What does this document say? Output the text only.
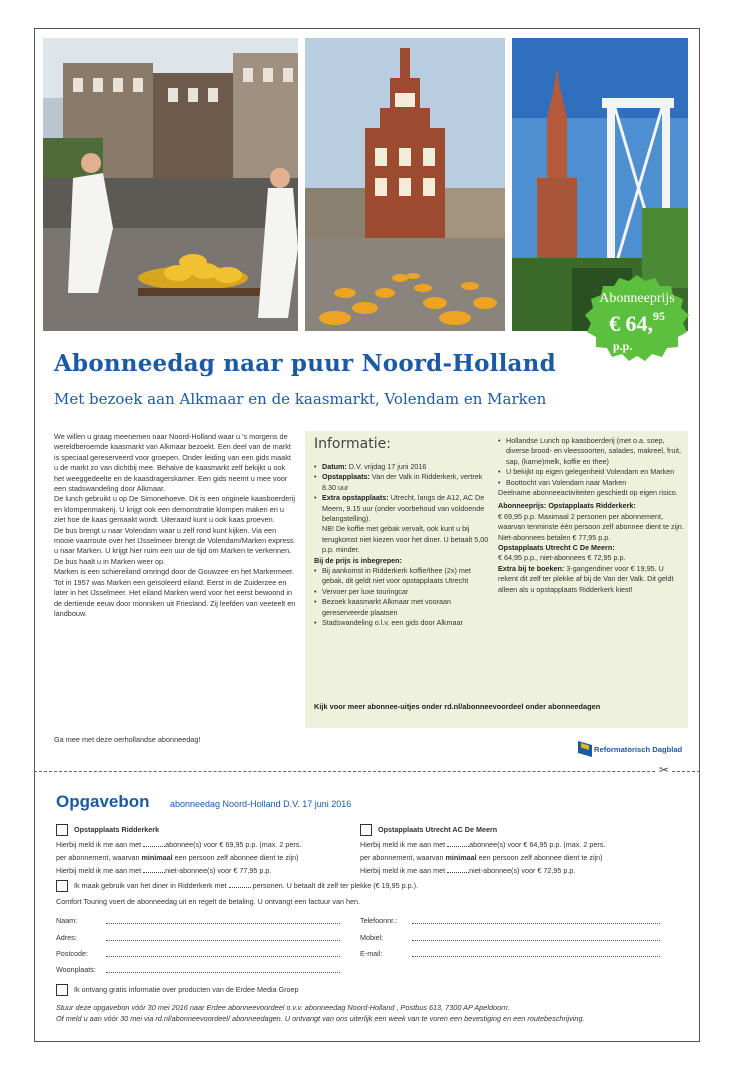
Abonneeprijs
€ 64,95
p.p.
Abonneedag naar puur Noord-Holland
Met bezoek aan Alkmaar en de kaasmarkt, Volendam en Marken

We willen u graag meenemen naar Noord-Holland waar u 's morgens de wereldberoemde kaasmarkt van Alkmaar bezoekt. Een deel van de markt is speciaal gereserveerd voor groepen. Onder leiding van een gids maakt u de markt zo van dichtbij mee. Behalve de kaasmarkt zelf bekijkt u ook het weeggedeelte en de kaasdragerskamer. Een gids neemt u mee voor een stadswandeling door Alkmaar.

De lunch gebruikt u op De Simonehoeve. Dit is een originele kaasboerderij en klompenmakerij. U krijgt ook een demonstratie klompen maken en u ziet hoe de kaas gemaakt wordt. Uiteraard kunt u ook kaas proeven.

De bus brengt u naar Volendam waar u zelf rond kunt kijken. Via een mooie vaarroute over het IJsselmeer brengt de Volendam/Marken express u naar Marken. U krijgt hier ruim een uur de tijd om Marken te verkennen. De bus haalt u in Marken weer op.

Marken is een schiereiland omringd door de Gouwzee en het Markermeer. Tot in 1957 was Marken een geïsoleerd eiland. Eerst in de Zuiderzee en later in het IJsselmeer. Het eiland Marken werd voor het eerst bewoond in de dertiende eeuw door monniken uit Friesland. Zij leefden van veeteelt en landbouw.

Ga mee met deze oerhollandse abonneedag!
Informatie:
• Datum: D.V. vrijdag 17 juni 2016
• Opstapplaats: Van der Valk in Ridderkerk, vertrek 8.30 uur
• Extra opstapplaats: Utrecht, langs de A12, AC De Meern, 9.15 uur (onder voorbehoud van voldoende belangstelling).
NB! De koffie met gebak vervalt, ook kunt u bij terugkomst niet kiezen voor het diner. U betaalt 5,00 p.p. minder.
Bij de prijs is inbegrepen:
• Bij aankomst in Ridderkerk koffie/thee (2x) met gebak, dit geldt niet voor opstapplaats Utrecht
• Vervoer per luxe touringcar
• Bezoek kaasmarkt Alkmaar met vooraan gereserveerde plaatsen
• Stadswandeling o.l.v. een gids door Alkmaar
• Hollandse Lunch op kaasboerderij (met o.a. soep, diverse brood- en vleessoorten, salades, makreel, fruit, sap, (karne)melk, koffie en thee)
• U bekijkt op eigen gelegenheid Volendam en Marken
• Boottocht van Volendam naar Marken
Deelname abonneeactiviteiten geschiedt op eigen risico.
Abonneeprijs: Opstapplaats Ridderkerk:
€ 69,95 p.p. Maximaal 2 personen per abonnement, waarvan tenminste één persoon zelf abonnee dient te zijn.
Niet-abonnees betalen € 77,95 p.p.
Opstapplaats Utrecht C De Meern:
€ 64,95 p.p., niet-abonnees € 72,95 p.p.
Extra bij te boeken: 3-gangendiner voor € 19,95. U rekent dit zelf ter plekke af bij de Van der Valk. Dit geldt alleen als u opstapplaats Ridderkerk kiest!
Kijk voor meer abonnee-uitjes onder rd.nl/abonneevoordeel onder abonneedagen
Reformatorisch Dagblad
✂
Opgavebon abonneedag Noord-Holland D.V. 17 juni 2016
Opstapplaats Ridderkerk
Hierbij meld ik me aan met	abonnee(s) voor € 69,95 p.p. (max. 2 pers.
per abonnement, waarvan minimaal een persoon zelf abonnee dient te zijn)
Hierbij meld ik me aan met	niet-abonnee(s) voor € 77,95 p.p.
Opstapplaats Utrecht AC De Meern
Hierbij meld ik me aan met	abonnee(s) voor € 64,95 p.p. (max. 2 pers.
per abonnement, waarvan minimaal een persoon zelf abonnee dient te zijn)
Hierbij meld ik me aan met	niet-abonnee(s) voor € 72,95 p.p.
Ik maak gebruik van het diner in Ridderkerk met	personen. U betaalt dit zelf ter plekke (€ 19,95 p.p.).
Comfort Touring voert de abonneedag uit en regelt de betaling. U ontvangt een factuur van hen.
Naam:
Adres:
Postcode:
Woonplaats:
Telefoonnr.:
Mobiel:
E-mail:
Ik ontvang gratis informatie over producten van de Erdee Media Groep
Stuur deze opgavebon vóór 30 mei 2016 naar Erdee abonneevoordeel o.v.v. abonneedag Noord-Holland , Postbus 613, 7300 AP Apeldoorn.
Of meld u aan vóór 30 mei via rd.nl/abonneevoordeel/ abonneedagen. U ontvangt van ons uiterlijk een week van te voren een bevestiging en een routebeschrijving.
